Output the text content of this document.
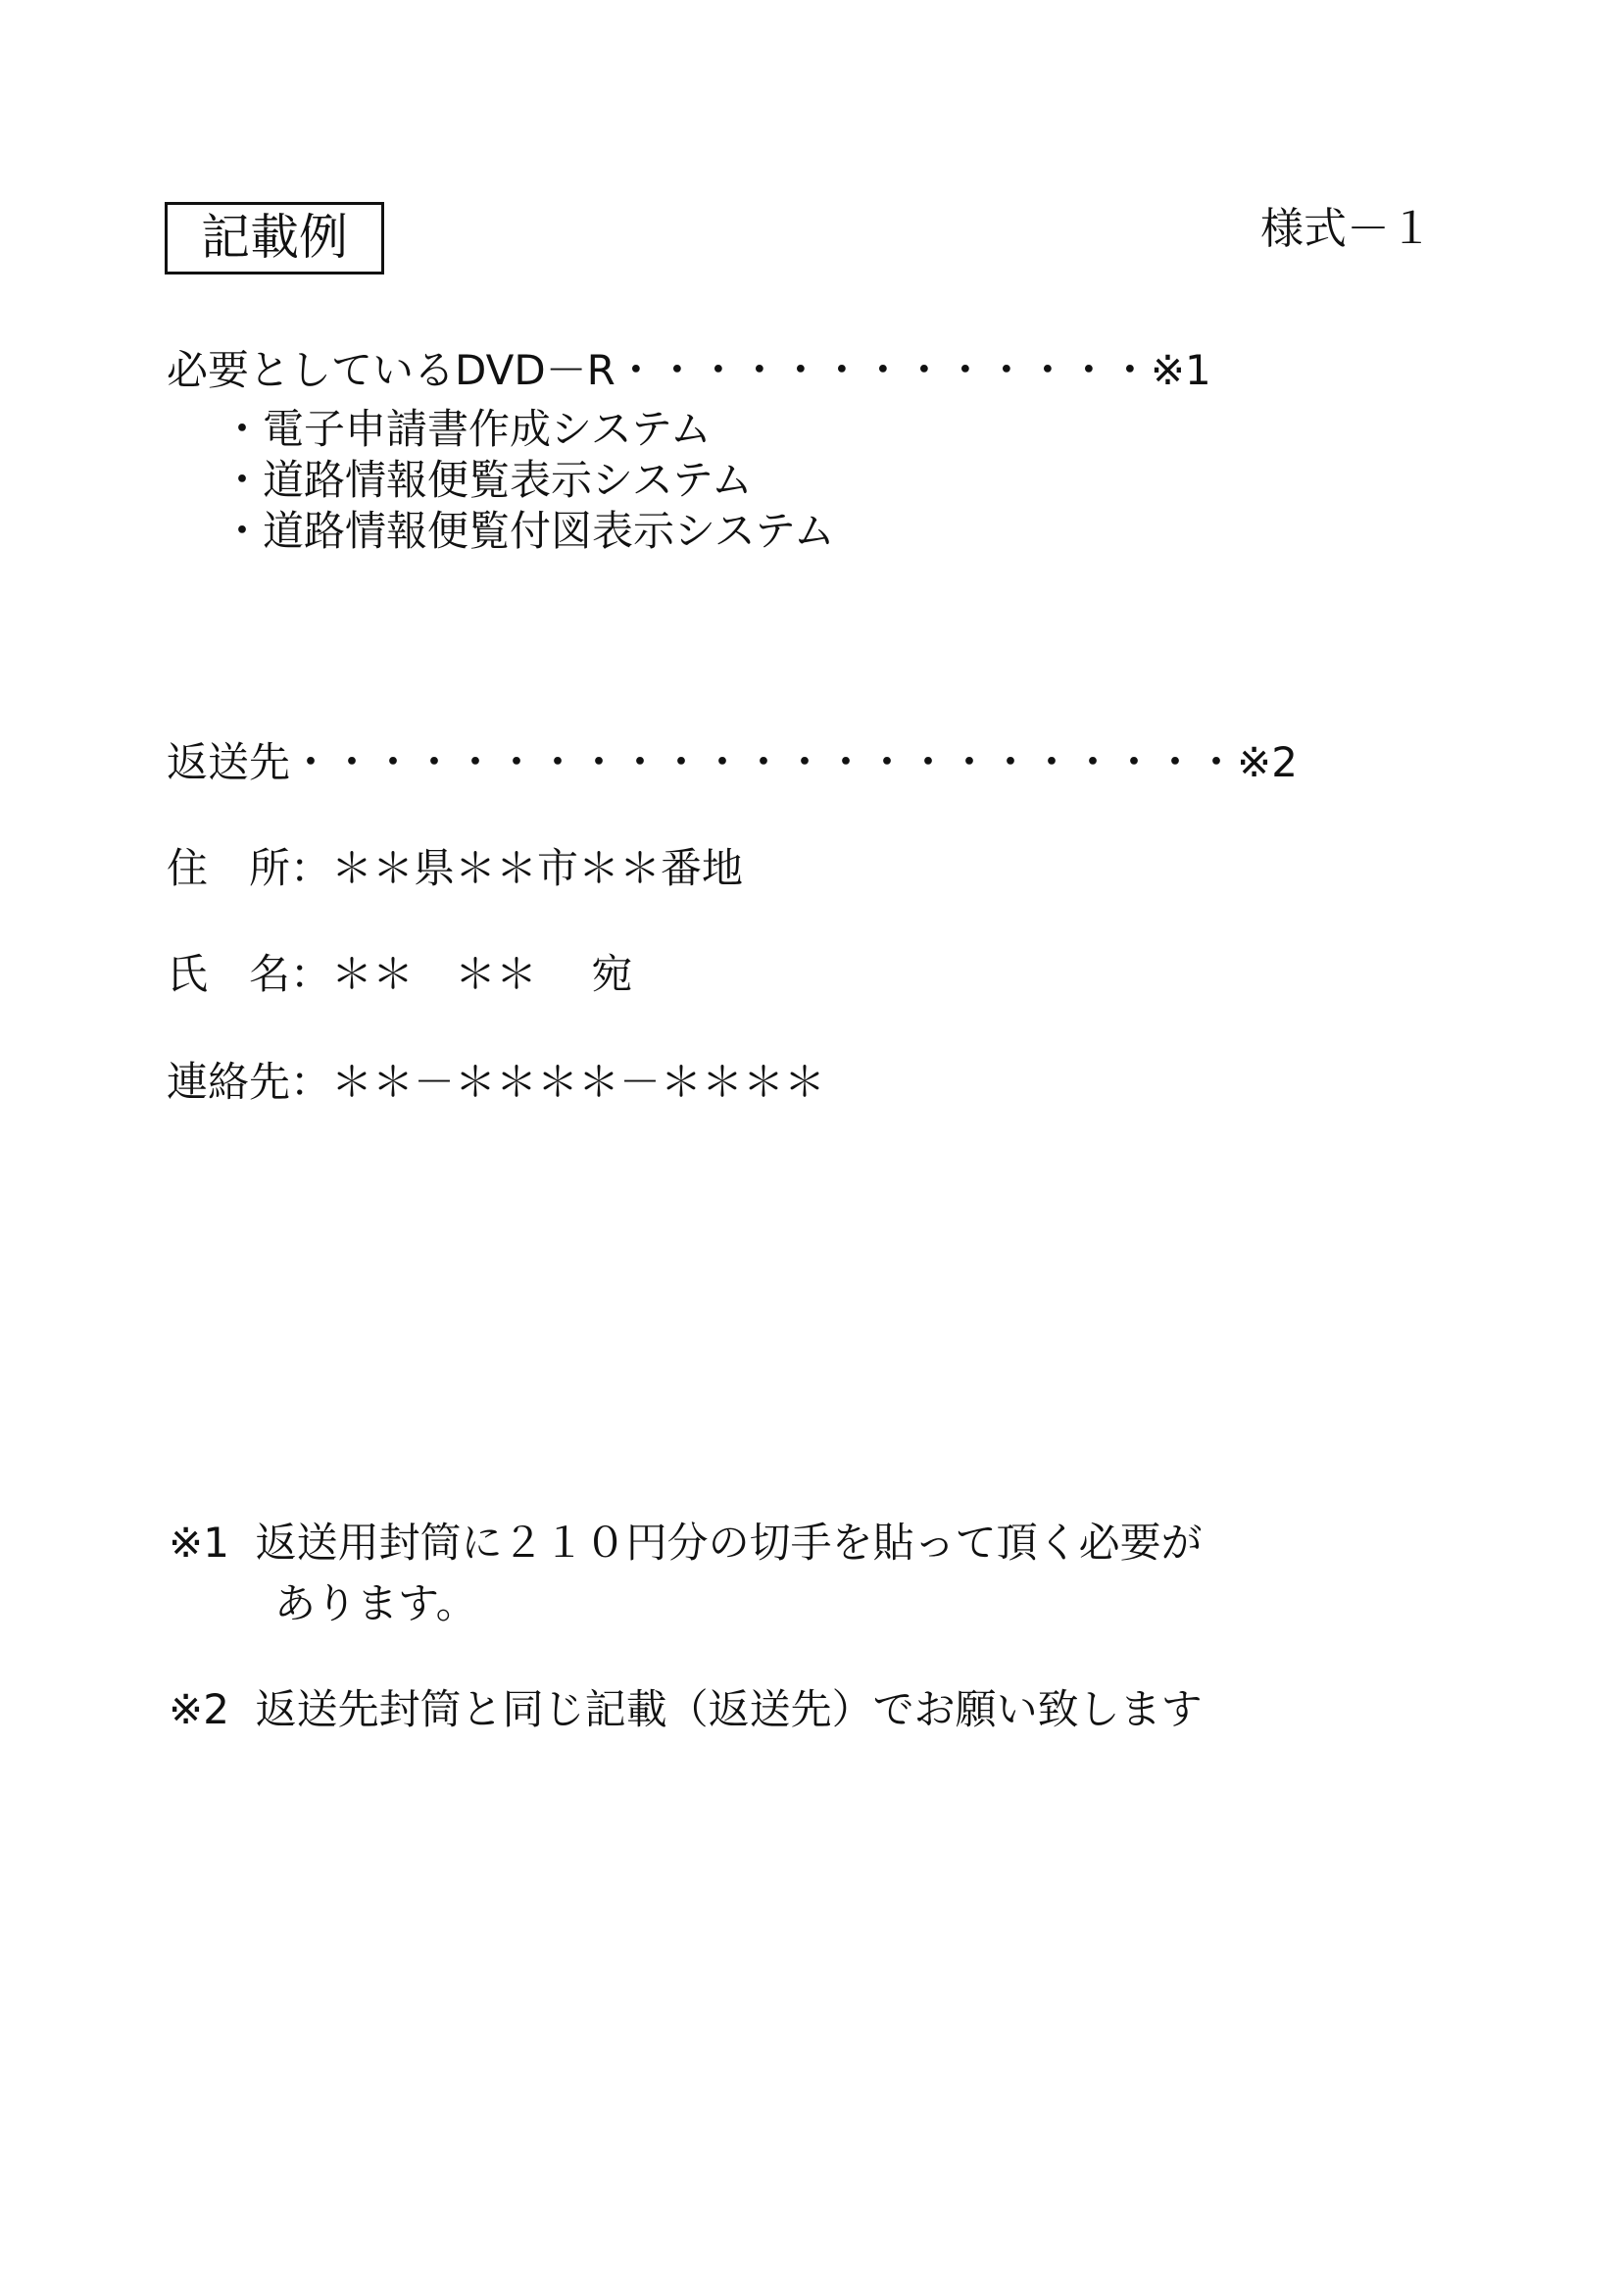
記載例	様式－１
必要としているDVD－R・・・・・・・・・・・・・※1
・電子申請書作成システム
・道路情報便覧表示システム
・道路情報便覧付図表示システム
返送先・・・・・・・・・・・・・・・・・・・・・・・※2
住　所：＊＊県＊＊市＊＊番地
氏　名：＊＊　＊＊　 宛
連絡先：＊＊－＊＊＊＊－＊＊＊＊
※1  返送用封筒に２１０円分の切手を貼って頂く必要が
あります。
※2  返送先封筒と同じ記載（返送先）でお願い致します
